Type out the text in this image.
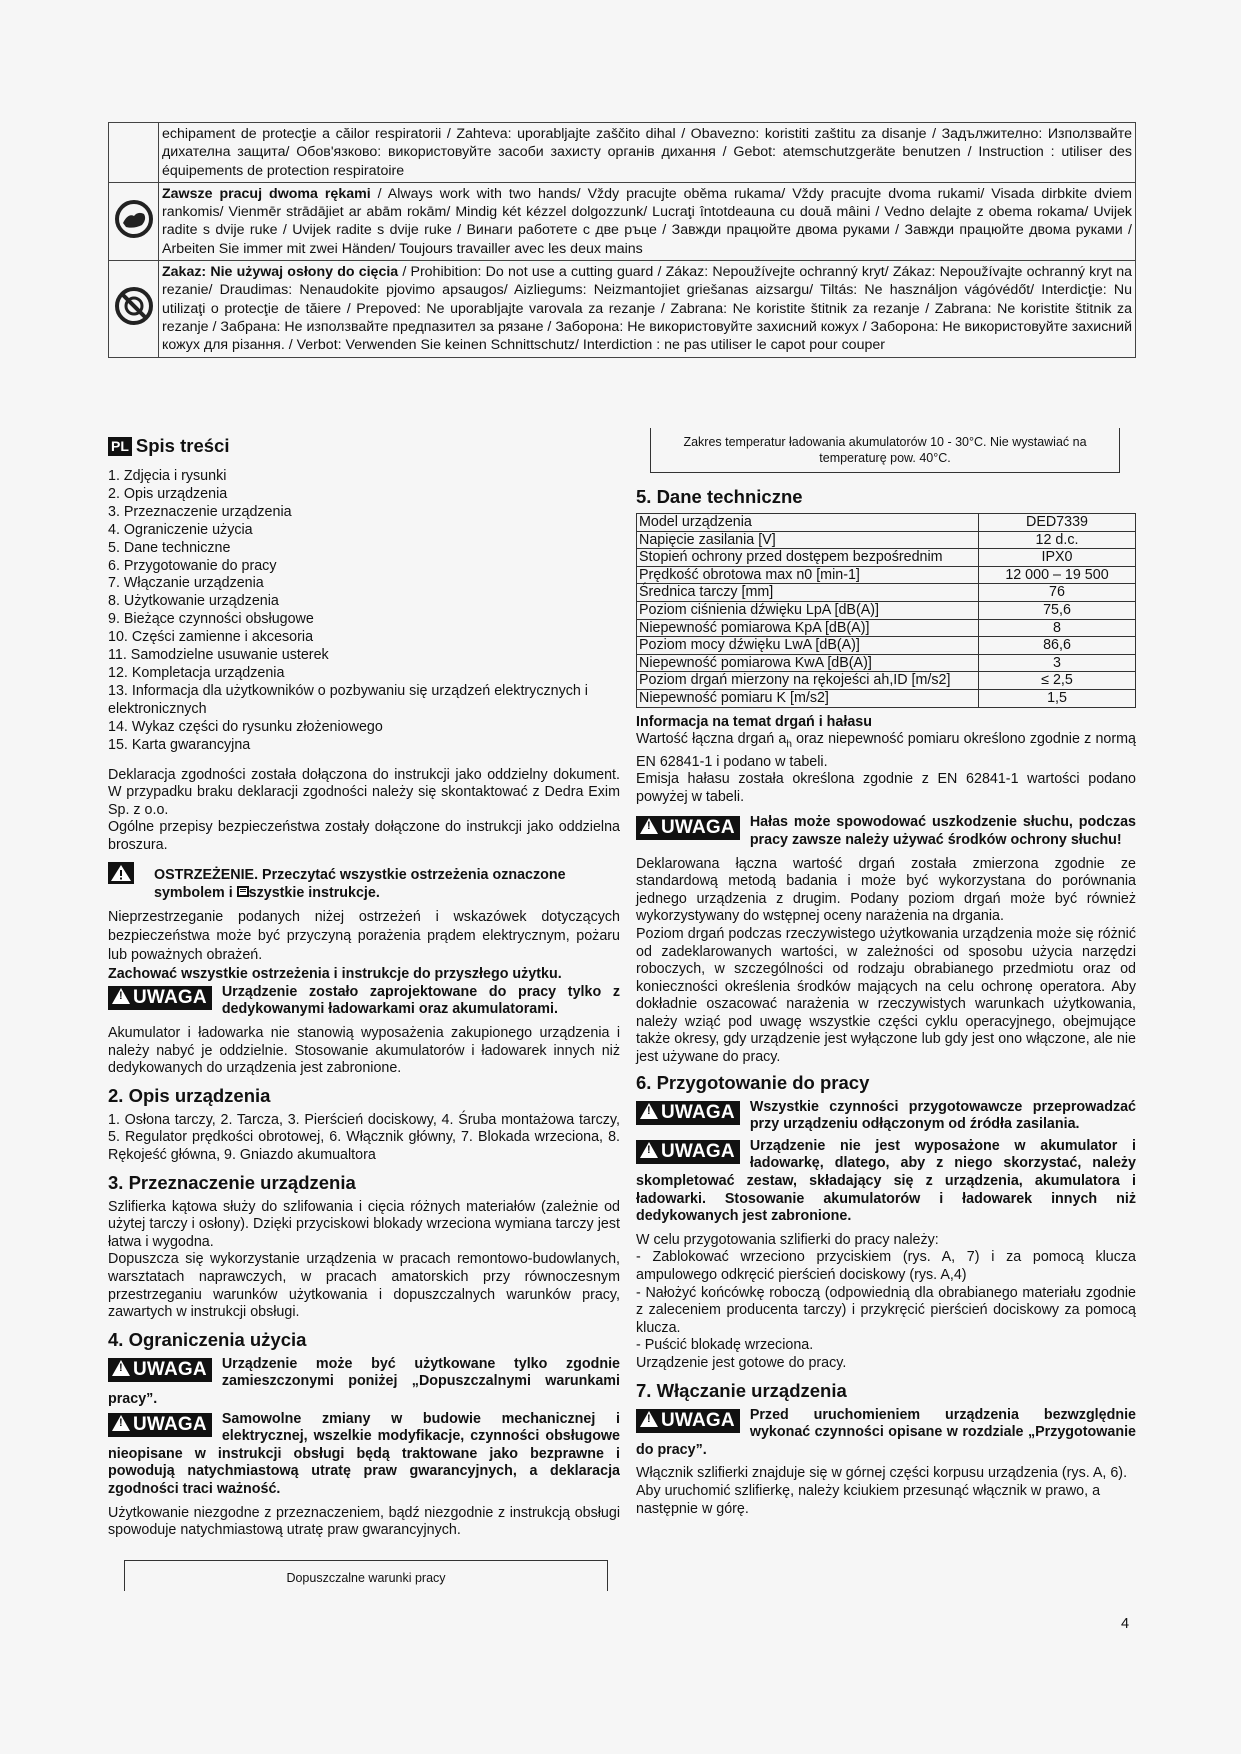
	echipament de protecţie a căilor respiratorii / Zahteva: uporabljajte zaščito dihal / Obavezno: koristiti zaštitu za disanje / Задължително: Използвайте дихателна защита/ Обов'язково: використовуйте засоби захисту органів дихання / Gebot: atemschutzgeräte benutzen / Instruction : utiliser des équipements de protection respiratoire
	Zawsze pracuj dwoma rękami / Always work with two hands/ Vždy pracujte oběma rukama/ Vždy pracujte dvoma rukami/ Visada dirbkite dviem rankomis/ Vienmēr strādājiet ar abām rokām/ Mindig két kézzel dolgozzunk/ Lucraţi întotdeauna cu două mâini / Vedno delajte z obema rokama/ Uvijek radite s dvije ruke / Uvijek radite s dvije ruke / Винаги работете с две ръце / Завжди працюйте двома руками / Завжди працюйте двома руками / Arbeiten Sie immer mit zwei Händen/ Toujours travailler avec les deux mains
	Zakaz: Nie używaj osłony do cięcia / Prohibition: Do not use a cutting guard / Zákaz: Nepoužívejte ochranný kryt/ Zákaz: Nepoužívajte ochranný kryt na rezanie/ Draudimas: Nenaudokite pjovimo apsaugos/ Aizliegums: Neizmantojiet griešanas aizsargu/ Tiltás: Ne használjon vágóvédőt/ Interdicţie: Nu utilizaţi o protecţie de tăiere / Prepoved: Ne uporabljajte varovala za rezanje / Zabrana: Ne koristite štitnik za rezanje / Zabrana: Ne koristite štitnik za rezanje / Забрана: Не използвайте предпазител за рязане / Заборона: Не використовуйте захисний кожух / Заборона: Не використовуйте захисний кожух для різання. / Verbot: Verwenden Sie keinen Schnittschutz/ Interdiction : ne pas utiliser le capot pour couper
PL Spis treści

1. Zdjęcia i rysunki

2. Opis urządzenia

3. Przeznaczenie urządzenia

4. Ograniczenie użycia

5. Dane techniczne

6. Przygotowanie do pracy

7. Włączanie urządzenia

8. Użytkowanie urządzenia

9. Bieżące czynności obsługowe

10. Części zamienne i akcesoria

11. Samodzielne usuwanie usterek

12. Kompletacja urządzenia

13. Informacja dla użytkowników o pozbywaniu się urządzeń elektrycznych i elektronicznych

14. Wykaz części do rysunku złożeniowego

15. Karta gwarancyjna

Deklaracja zgodności została dołączona do instrukcji jako oddzielny dokument. W przypadku braku deklaracji zgodności należy się skontaktować z Dedra Exim Sp. z o.o.

Ogólne przepisy bezpieczeństwa zostały dołączone do instrukcji jako oddzielna broszura.

OSTRZEŻENIE. Przeczytać wszystkie ostrzeżenia oznaczone symbolem i szystkie instrukcje.

Nieprzestrzeganie podanych niżej ostrzeżeń i wskazówek dotyczących bezpieczeństwa może być przyczyną porażenia prądem elektrycznym, pożaru lub poważnych obrażeń.

Zachować wszystkie ostrzeżenia i instrukcje do przyszłego użytku.

! UWAGA	Urządzenie zostało zaprojektowane do pracy tylko z dedykowanymi ładowarkami oraz akumulatorami.

Akumulator i ładowarka nie stanowią wyposażenia zakupionego urządzenia i należy nabyć je oddzielnie. Stosowanie akumulatorów i ładowarek innych niż dedykowanych do urządzenia jest zabronione.

2. Opis urządzenia

1. Osłona tarczy, 2. Tarcza, 3. Pierścień dociskowy, 4. Śruba montażowa tarczy, 5. Regulator prędkości obrotowej, 6. Włącznik główny, 7. Blokada wrzeciona, 8. Rękojeść główna, 9. Gniazdo akumualtora

3. Przeznaczenie urządzenia

Szlifierka kątowa służy do szlifowania i cięcia różnych materiałów (zależnie od użytej tarczy i osłony). Dzięki przyciskowi blokady wrzeciona wymiana tarczy jest łatwa i wygodna.

Dopuszcza się wykorzystanie urządzenia w pracach remontowo-budowlanych, warsztatach naprawczych, w pracach amatorskich przy równoczesnym przestrzeganiu warunków użytkowania i dopuszczalnych warunków pracy, zawartych w instrukcji obsługi.

4. Ograniczenia użycia
! UWAGA	Urządzenie może być użytkowane tylko zgodnie zamieszczonymi poniżej „Dopuszczalnymi warunkami pracy”.
! UWAGA	Samowolne zmiany w budowie mechanicznej i elektrycznej, wszelkie modyfikacje, czynności obsługowe nieopisane w instrukcji obsługi będą traktowane jako bezprawne i powodują natychmiastową utratę praw gwarancyjnych, a deklaracja zgodności traci ważność.

Użytkowanie niezgodne z przeznaczeniem, bądź niezgodnie z instrukcją obsługi spowoduje natychmiastową utratę praw gwarancyjnych.

Dopuszczalne warunki pracy
Zakres temperatur ładowania akumulatorów 10 - 30°C. Nie wystawiać na temperaturę pow. 40°C.
5. Dane techniczne
Model urządzenia	DED7339
Napięcie zasilania [V]	12 d.c.
Stopień ochrony przed dostępem bezpośrednim	IPX0
Prędkość obrotowa max n0 [min-1]	12 000 – 19 500
Średnica tarczy [mm]	76
Poziom ciśnienia dźwięku LpA [dB(A)]	75,6
Niepewność pomiarowa KpA [dB(A)]	8
Poziom mocy dźwięku LwA [dB(A)]	86,6
Niepewność pomiarowa KwA [dB(A)]	3
Poziom drgań mierzony na rękojeści ah,ID [m/s2]	≤ 2,5
Niepewność pomiaru K [m/s2]	1,5

Informacja na temat drgań i hałasu

Wartość łączna drgań $a_h$ oraz niepewność pomiaru określono zgodnie z normą EN 62841-1 i podano w tabeli.

Emisja hałasu została określona zgodnie z EN 62841-1 wartości podano powyżej w tabeli.

! UWAGA	Hałas może spowodować uszkodzenie słuchu, podczas pracy zawsze należy używać środków ochrony słuchu!

Deklarowana łączna wartość drgań została zmierzona zgodnie ze standardową metodą badania i może być wykorzystana do porównania jednego urządzenia z drugim. Podany poziom drgań może być również wykorzystywany do wstępnej oceny narażenia na drgania.

Poziom drgań podczas rzeczywistego użytkowania urządzenia może się różnić od zadeklarowanych wartości, w zależności od sposobu użycia narzędzi roboczych, w szczególności od rodzaju obrabianego przedmiotu oraz od konieczności określenia środków mających na celu ochronę operatora. Aby dokładnie oszacować narażenia w rzeczywistych warunkach użytkowania, należy wziąć pod uwagę wszystkie części cyklu operacyjnego, obejmujące także okresy, gdy urządzenie jest wyłączone lub gdy jest ono włączone, ale nie jest używane do pracy.

6. Przygotowanie do pracy
! UWAGA	Wszystkie czynności przygotowawcze przeprowadzać przy urządzeniu odłączonym od źródła zasilania.
! UWAGA	Urządzenie nie jest wyposażone w akumulator i ładowarkę, dlatego, aby z niego skorzystać, należy skompletować zestaw, składający się z urządzenia, akumulatora i ładowarki. Stosowanie akumulatorów i ładowarek innych niż dedykowanych jest zabronione.

W celu przygotowania szlifierki do pracy należy:

- Zablokować wrzeciono przyciskiem (rys. A, 7) i za pomocą klucza ampulowego odkręcić pierścień dociskowy (rys. A,4)

- Nałożyć końcówkę roboczą (odpowiednią dla obrabianego materiału zgodnie z zaleceniem producenta tarczy) i przykręcić pierścień dociskowy za pomocą klucza.

- Puścić blokadę wrzeciona.

Urządzenie jest gotowe do pracy.

7. Włączanie urządzenia
! UWAGA	Przed uruchomieniem urządzenia bezwzględnie wykonać czynności opisane w rozdziale „Przygotowanie do pracy”.

Włącznik szlifierki znajduje się w górnej części korpusu urządzenia (rys. A, 6).

Aby uruchomić szlifierkę, należy kciukiem przesunąć włącznik w prawo, a następnie w górę.

4
